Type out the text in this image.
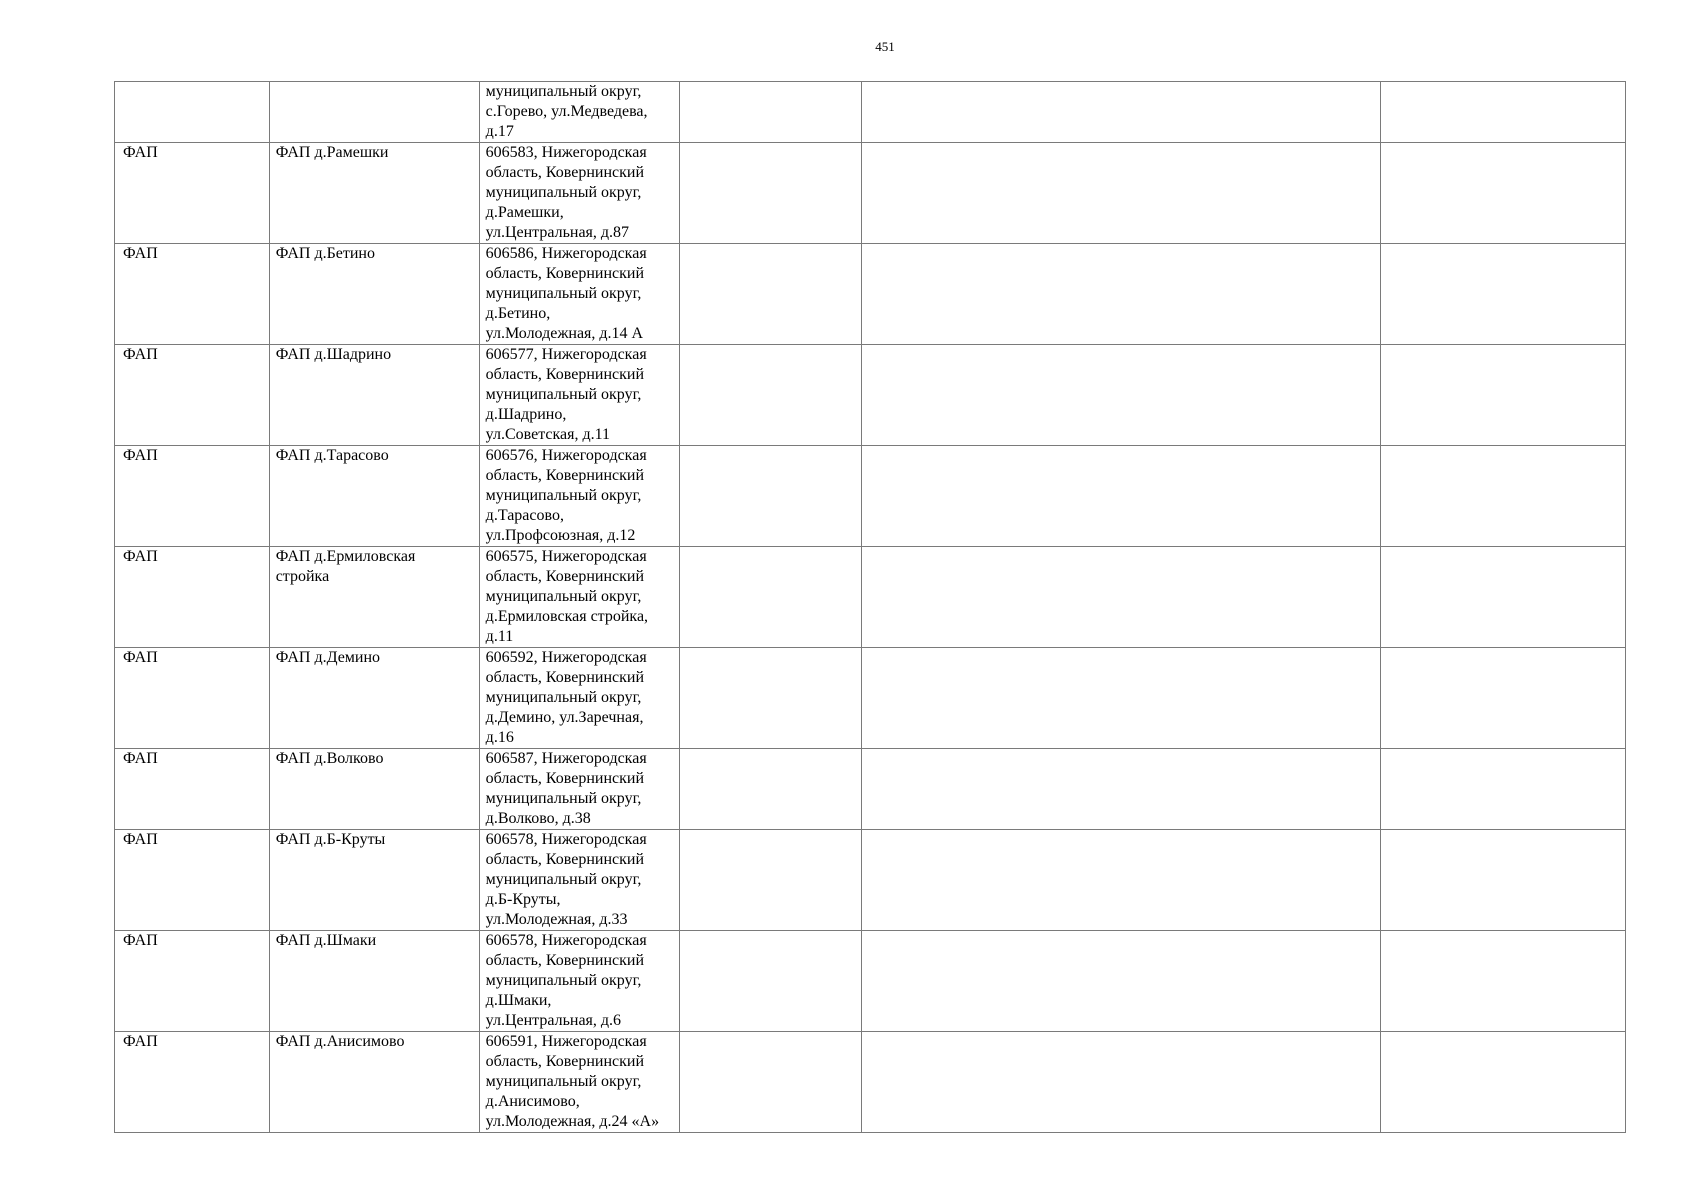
451
		муниципальный округ,
с.Горево, ул.Медведева,
д.17			
ФАП	ФАП д.Рамешки	606583, Нижегородская
область, Ковернинский
муниципальный округ,
д.Рамешки,
ул.Центральная, д.87			
ФАП	ФАП д.Бетино	606586, Нижегородская
область, Ковернинский
муниципальный округ,
д.Бетино,
ул.Молодежная, д.14 А			
ФАП	ФАП д.Шадрино	606577, Нижегородская
область, Ковернинский
муниципальный округ,
д.Шадрино,
ул.Советская, д.11			
ФАП	ФАП д.Тарасово	606576, Нижегородская
область, Ковернинский
муниципальный округ,
д.Тарасово,
ул.Профсоюзная, д.12			
ФАП	ФАП д.Ермиловская стройка	606575, Нижегородская
область, Ковернинский
муниципальный округ,
д.Ермиловская стройка,
д.11			
ФАП	ФАП д.Демино	606592, Нижегородская
область, Ковернинский
муниципальный округ,
д.Демино, ул.Заречная,
д.16			
ФАП	ФАП д.Волково	606587, Нижегородская
область, Ковернинский
муниципальный округ,
д.Волково, д.38			
ФАП	ФАП д.Б-Круты	606578, Нижегородская
область, Ковернинский
муниципальный округ,
д.Б-Круты,
ул.Молодежная, д.33			
ФАП	ФАП д.Шмаки	606578, Нижегородская
область, Ковернинский
муниципальный округ,
д.Шмаки,
ул.Центральная, д.6			
ФАП	ФАП д.Анисимово	606591, Нижегородская
область, Ковернинский
муниципальный округ,
д.Анисимово,
ул.Молодежная, д.24 «А»			
